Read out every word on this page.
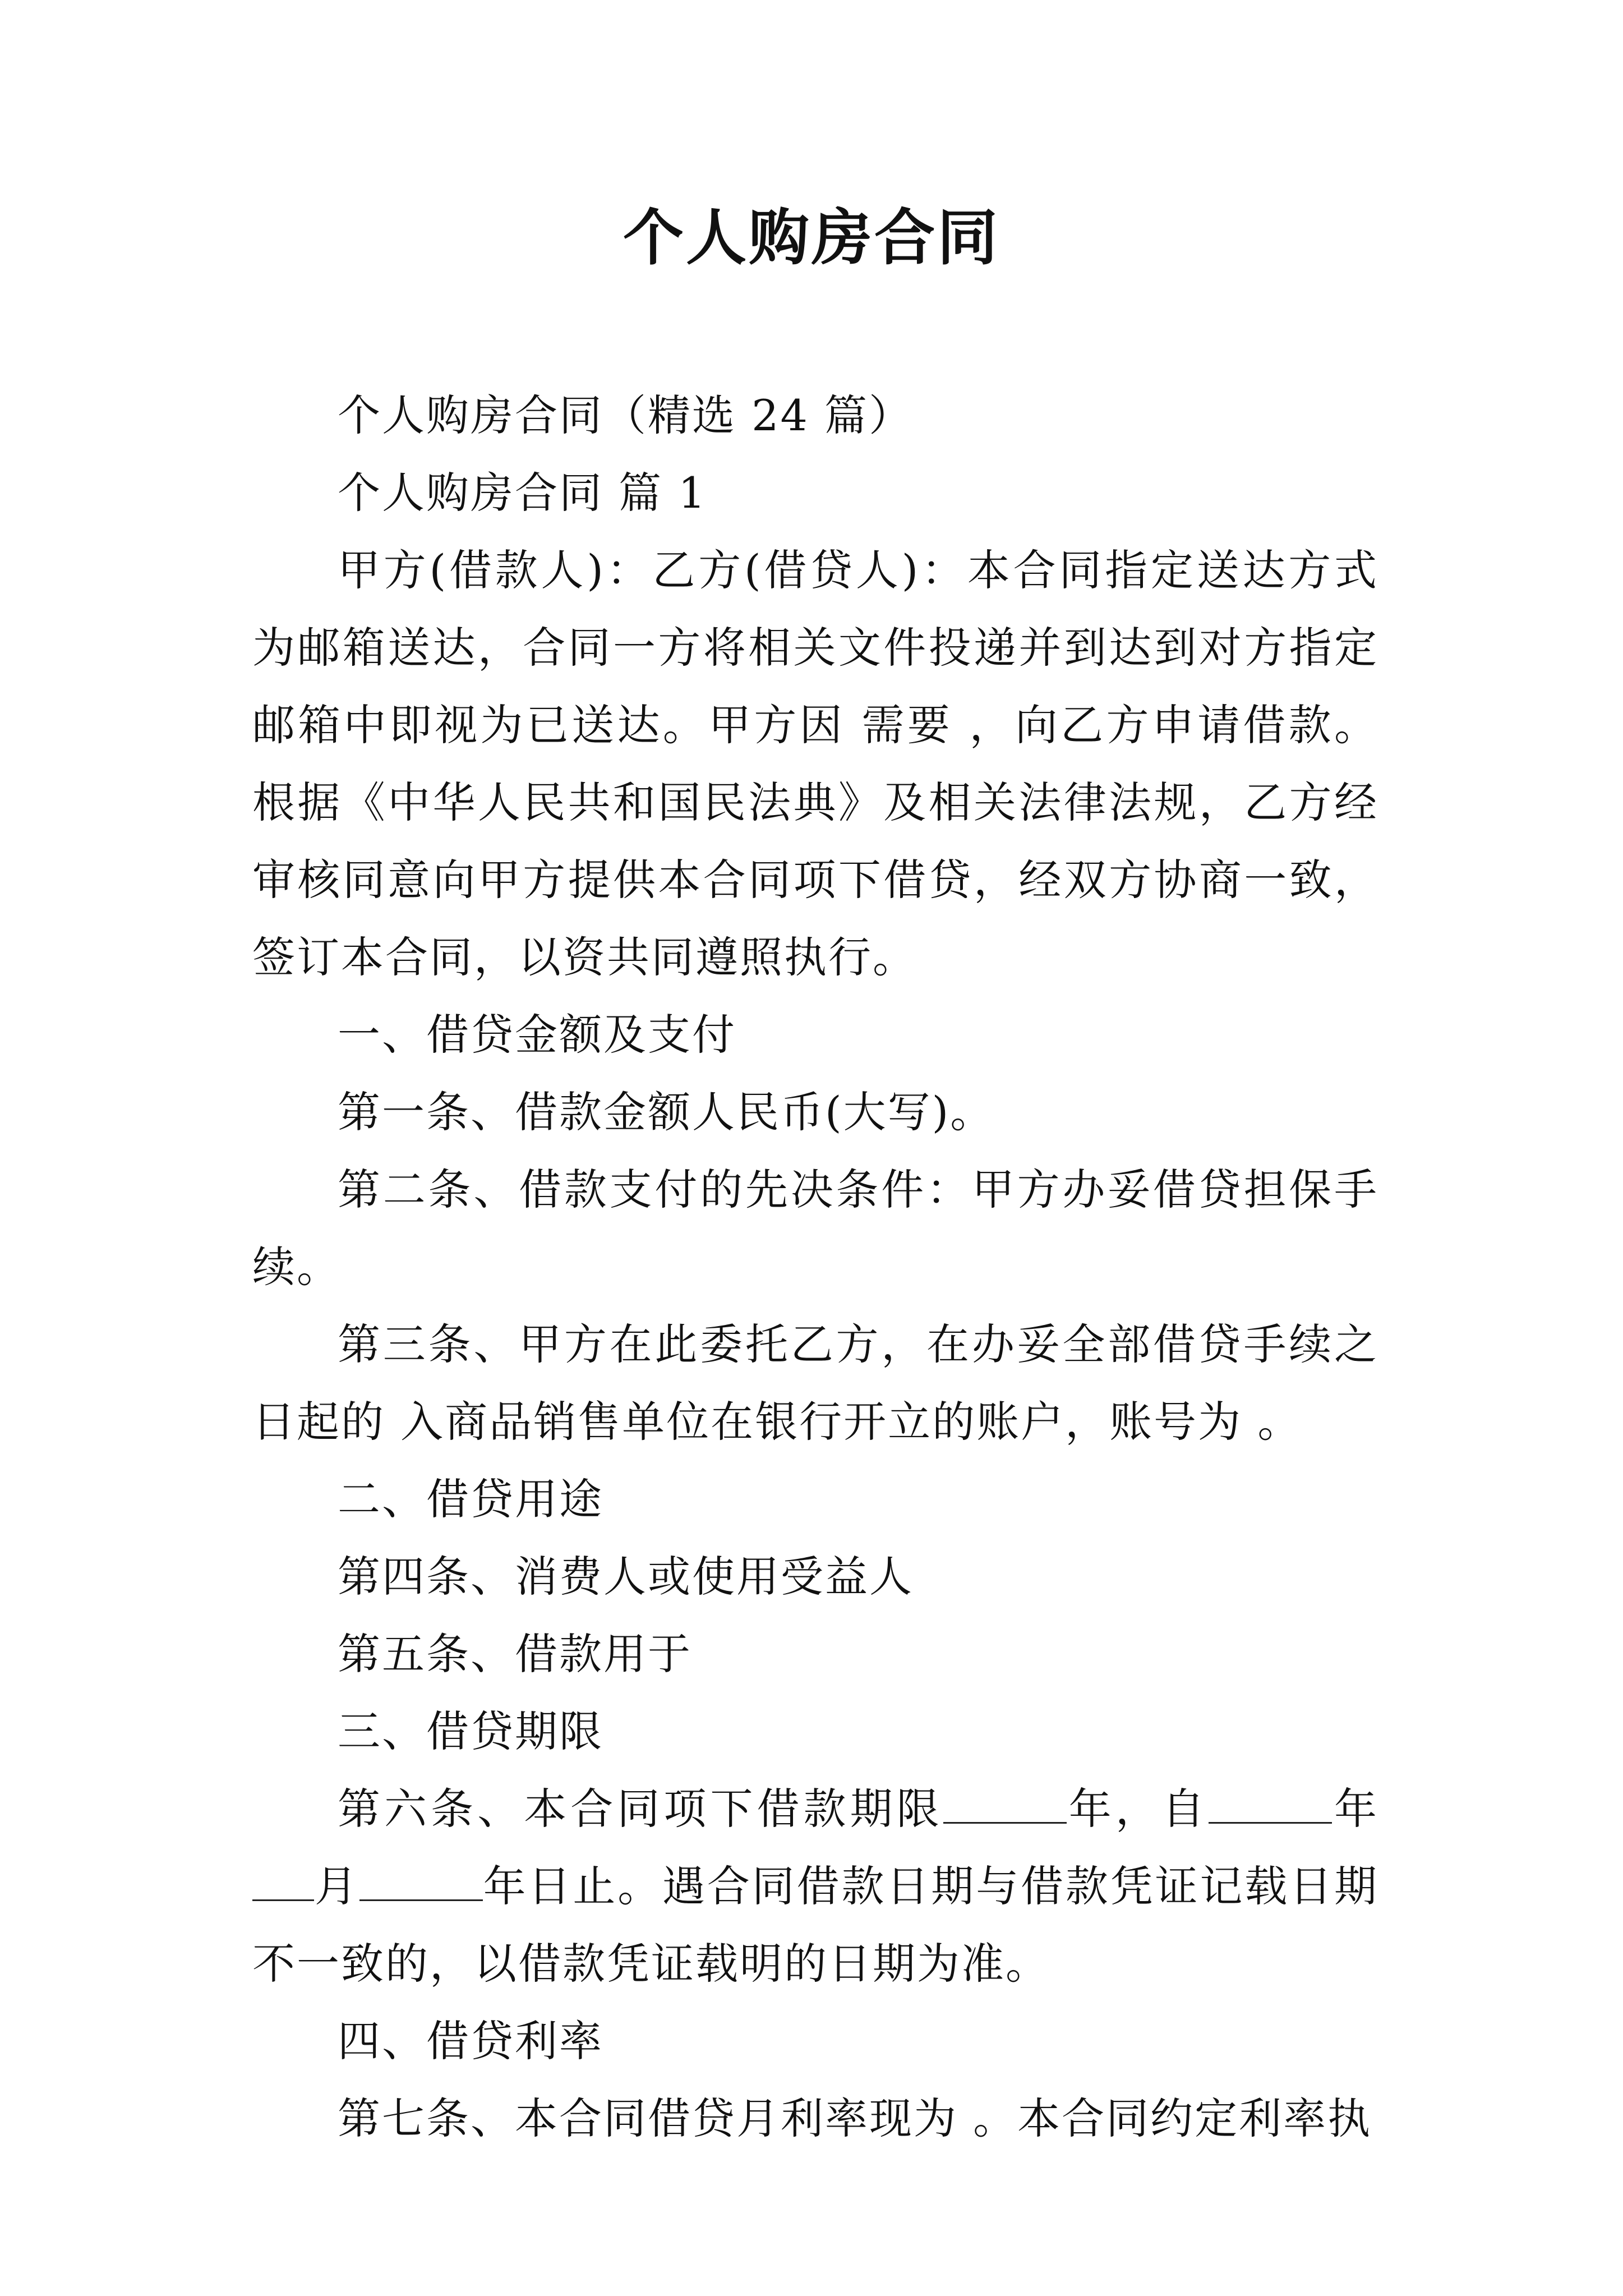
个人购房合同

个人购房合同（精选 24 篇）

个人购房合同 篇 1

甲方(借款人)：乙方(借贷人)：本合同指定送达方式为邮箱送达，合同一方将相关文件投递并到达到对方指定邮箱中即视为已送达。甲方因 需要 ，向乙方申请借款。根据《中华人民共和国民法典》及相关法律法规，乙方经审核同意向甲方提供本合同项下借贷，经双方协商一致，签订本合同，以资共同遵照执行。

一、借贷金额及支付

第一条、借款金额人民币(大写)。

第二条、借款支付的先决条件：甲方办妥借贷担保手续。

第三条、甲方在此委托乙方，在办妥全部借贷手续之日起的 入商品销售单位在银行开立的账户，账号为 。

二、借贷用途

第四条、消费人或使用受益人

第五条、借款用于

三、借贷期限

第六条、本合同项下借款期限	年，自	年月	年日止。遇合同借款日期与借款凭证记载日期不一致的，以借款凭证载明的日期为准。

四、借贷利率

第七条、本合同借贷月利率现为 。本合同约定利率执
